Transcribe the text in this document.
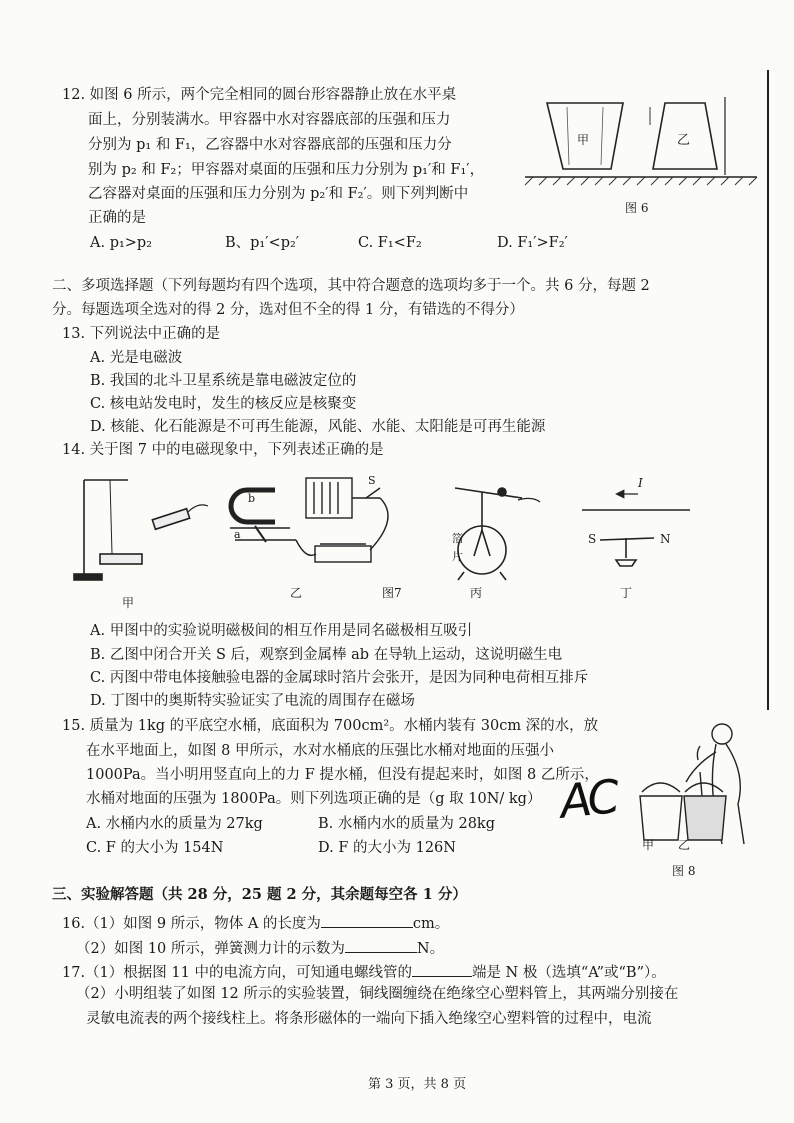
12. 如图 6 所示，两个完全相同的圆台形容器静止放在水平桌
面上，分别装满水。甲容器中水对容器底部的压强和压力
分别为 p₁ 和 F₁，乙容器中水对容器底部的压强和压力分
别为 p₂ 和 F₂；甲容器对桌面的压强和压力分别为 p₁′和 F₁′，
乙容器对桌面的压强和压力分别为 p₂′和 F₂′。则下列判断中
正确的是
A. p₁>p₂	B、p₁′<p₂′	C. F₁<F₂	D. F₁′>F₂′
甲	乙
图 6
二、多项选择题（下列每题均有四个选项，其中符合题意的选项均多于一个。共 6 分，每题 2
分。每题选项全选对的得 2 分，选对但不全的得 1 分，有错选的不得分）
13. 下列说法中正确的是
A. 光是电磁波
B. 我国的北斗卫星系统是靠电磁波定位的
C. 核电站发电时，发生的核反应是核聚变
D. 核能、化石能源是不可再生能源，风能、水能、太阳能是可再生能源
14. 关于图 7 中的电磁现象中，下列表述正确的是
b
a
S
箔
片
I
S	N
甲
乙	图7	丙	丁
A. 甲图中的实验说明磁极间的相互作用是同名磁极相互吸引
B. 乙图中闭合开关 S 后，观察到金属棒 ab 在导轨上运动，这说明磁生电
C. 丙图中带电体接触验电器的金属球时箔片会张开，是因为同种电荷相互排斥
D. 丁图中的奥斯特实验证实了电流的周围存在磁场
15. 质量为 1kg 的平底空水桶，底面积为 700cm²。水桶内装有 30cm 深的水，放
在水平地面上，如图 8 甲所示，水对水桶底的压强比水桶对地面的压强小
1000Pa。当小明用竖直向上的力 F 提水桶，但没有提起来时，如图 8 乙所示，
水桶对地面的压强为 1800Pa。则下列选项正确的是（g 取 10N/ kg）
A. 水桶内水的质量为 27kg	B. 水桶内水的质量为 28kg
C. F 的大小为 154N	D. F 的大小为 126N
AC
甲 乙
图 8
三、实验解答题（共 28 分，25 题 2 分，其余题每空各 1 分）
16.（1）如图 9 所示，物体 A 的长度为	cm。
（2）如图 10 所示，弹簧测力计的示数为	N。
17.（1）根据图 11 中的电流方向，可知通电螺线管的	端是 N 极（选填“A”或“B”）。
（2）小明组装了如图 12 所示的实验装置，铜线圈缠绕在绝缘空心塑料管上，其两端分别接在
灵敏电流表的两个接线柱上。将条形磁体的一端向下插入绝缘空心塑料管的过程中，电流
第 3 页，共 8 页
